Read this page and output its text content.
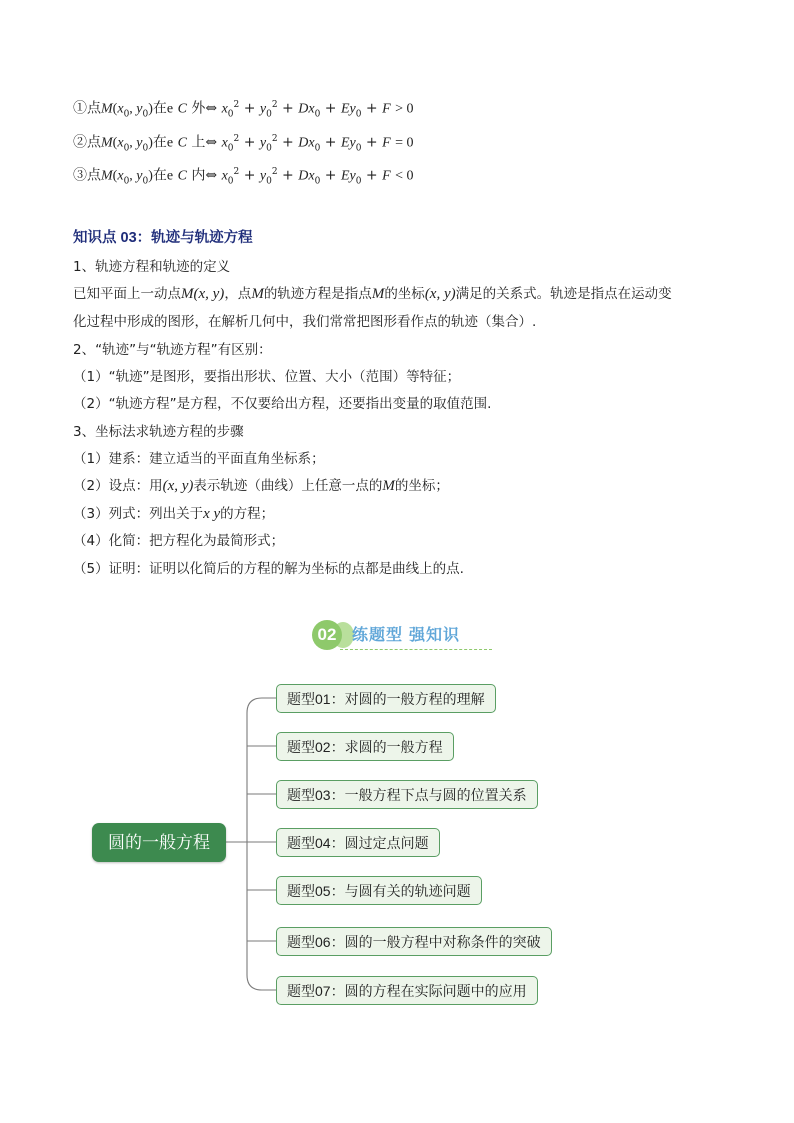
①点$M(x_0$, $y_0$)在e C 外⇔ $x_0^2 + y_0^2 + Dx_0 + Ey_0 + F > 0$
②点$M(x_0$, $y_0$)在e C 上⇔ $x_0^2 + y_0^2 + Dx_0 + Ey_0 + F = 0$
③点$M(x_0$, $y_0$)在e C 内⇔ $x_0^2 + y_0^2 + Dx_0 + Ey_0 + F < 0$
知识点 03：轨迹与轨迹方程
1、轨迹方程和轨迹的定义
已知平面上一动点M(x, y)，点M的轨迹方程是指点M的坐标(x, y)满足的关系式。轨迹是指点在运动变
化过程中形成的图形，在解析几何中，我们常常把图形看作点的轨迹（集合）.
2、“轨迹”与“轨迹方程”有区别：
（1）“轨迹”是图形，要指出形状、位置、大小（范围）等特征；
（2）“轨迹方程”是方程，不仅要给出方程，还要指出变量的取值范围.
3、坐标法求轨迹方程的步骤
（1）建系：建立适当的平面直角坐标系；
（2）设点：用(x, y)表示轨迹（曲线）上任意一点的M的坐标；
（3）列式：列出关于x y的方程；
（4）化简：把方程化为最简形式；
（5）证明：证明以化简后的方程的解为坐标的点都是曲线上的点.
02 练题型 强知识
圆的一般方程
题型01：对圆的一般方程的理解
题型02：求圆的一般方程
题型03：一般方程下点与圆的位置关系
题型04：圆过定点问题
题型05：与圆有关的轨迹问题
题型06：圆的一般方程中对称条件的突破
题型07：圆的方程在实际问题中的应用
